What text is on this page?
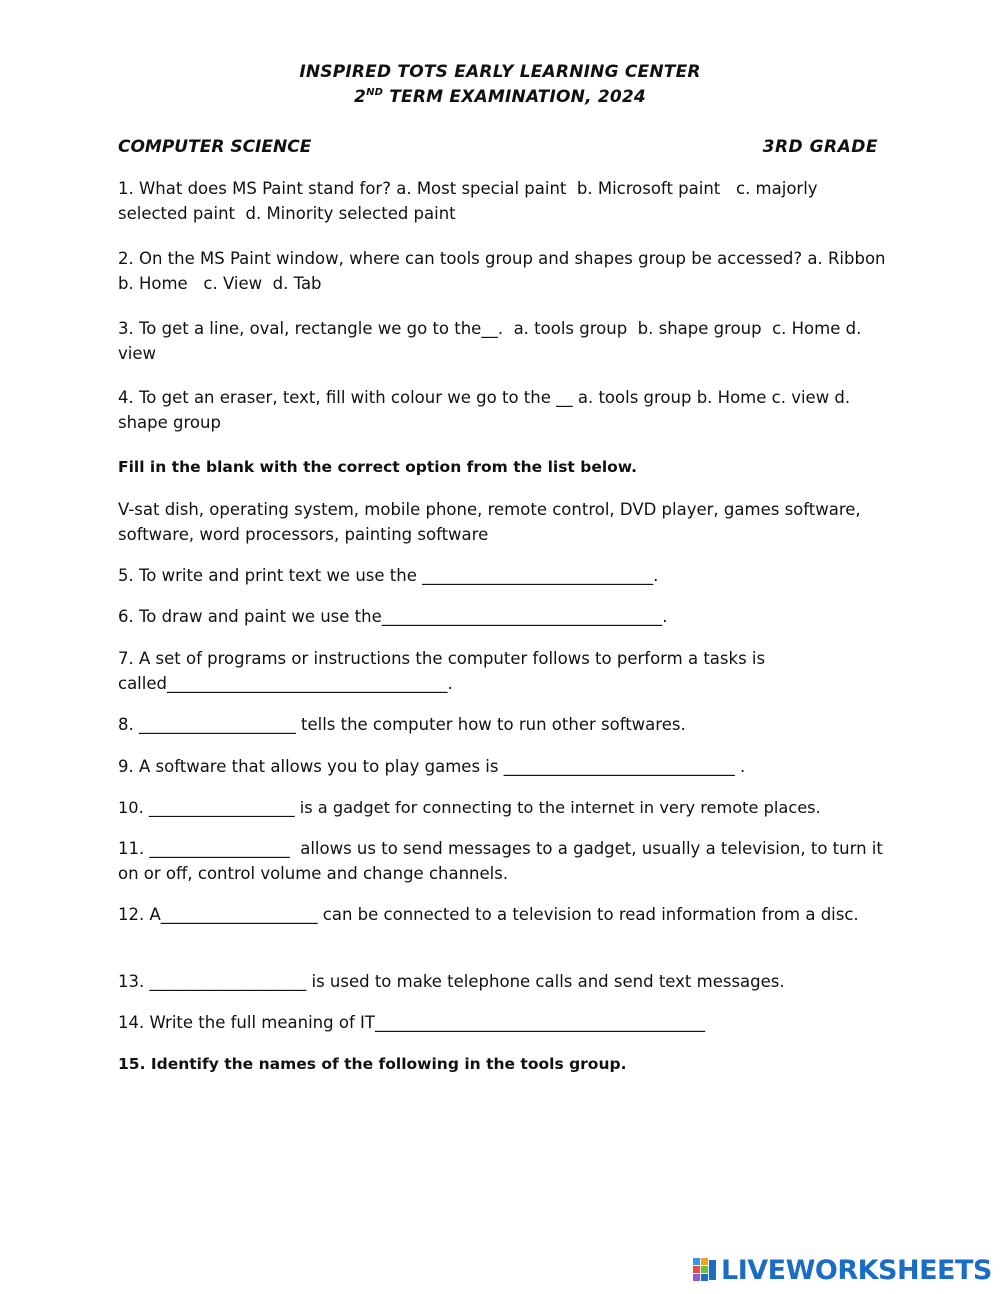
INSPIRED TOTS EARLY LEARNING CENTER
2ND TERM EXAMINATION, 2024
COMPUTER SCIENCE	3RD GRADE
1. What does MS Paint stand for? a. Most special paint  b. Microsoft paint   c. majorly selected paint  d. Minority selected paint
2. On the MS Paint window, where can tools group and shapes group be accessed? a. Ribbon b. Home   c. View  d. Tab
3. To get a line, oval, rectangle we go to the__.  a. tools group  b. shape group  c. Home d. view
4. To get an eraser, text, fill with colour we go to the __ a. tools group b. Home c. view d. shape group
Fill in the blank with the correct option from the list below.
V-sat dish, operating system, mobile phone, remote control, DVD player, games software, software, word processors, painting software
5. To write and print text we use the ____________________________.
6. To draw and paint we use the__________________________________.
7. A set of programs or instructions the computer follows to perform a tasks is called__________________________________.
8. ___________________ tells the computer how to run other softwares.
9. A software that allows you to play games is ____________________________ .
10. __________________ is a gadget for connecting to the internet in very remote places.
11. _________________  allows us to send messages to a gadget, usually a television, to turn it on or off, control volume and change channels.
12. A___________________ can be connected to a television to read information from a disc.
13. ___________________ is used to make telephone calls and send text messages.
14. Write the full meaning of IT________________________________________
15. Identify the names of the following in the tools group.
LIVEWORKSHEETS
